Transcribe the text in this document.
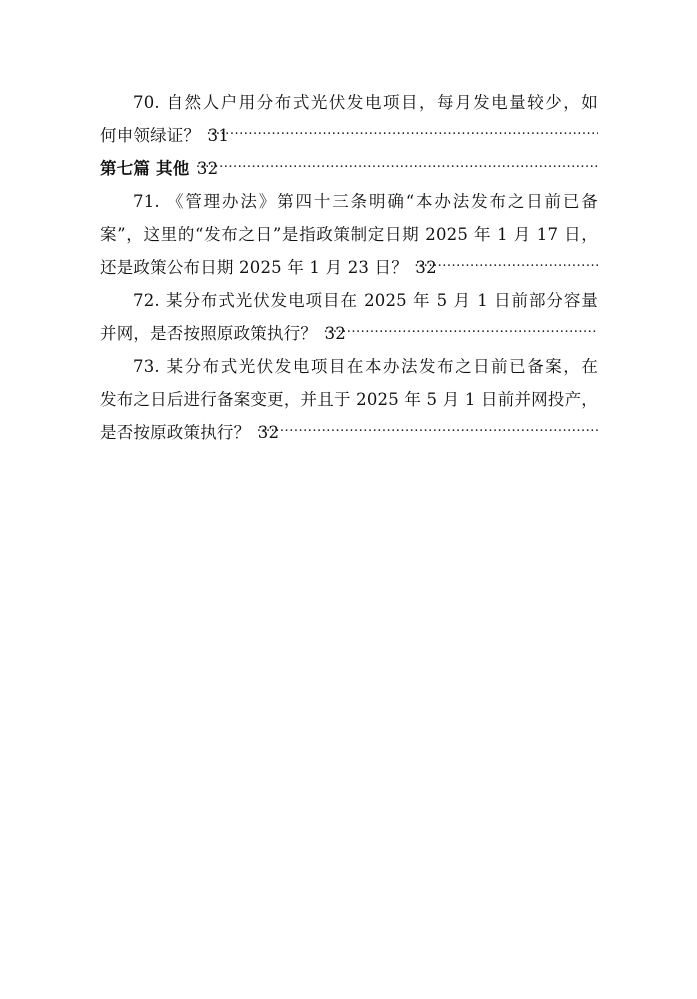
70. 自然人户用分布式光伏发电项目，每月发电量较少，如
何申领绿证？ 31
第七篇 其他 32
71. 《管理办法》第四十三条明确“本办法发布之日前已备
案”，这里的“发布之日”是指政策制定日期 2025 年 1 月 17 日，
还是政策公布日期 2025 年 1 月 23 日？ 32
72. 某分布式光伏发电项目在 2025 年 5 月 1 日前部分容量
并网，是否按照原政策执行？ 32
73. 某分布式光伏发电项目在本办法发布之日前已备案，在
发布之日后进行备案变更，并且于 2025 年 5 月 1 日前并网投产，
是否按原政策执行？ 32
